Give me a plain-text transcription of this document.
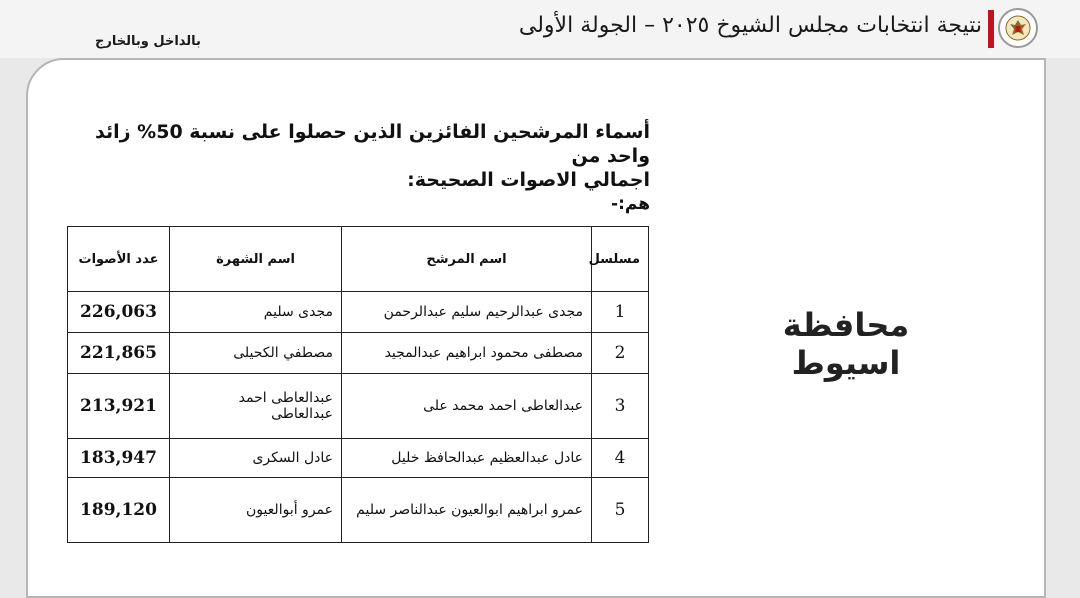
نتيجة انتخابات مجلس الشيوخ ٢٠٢٥ – الجولة الأولى
بالداخل وبالخارج

أسماء المرشحين الفائزين الذين حصلوا على نسبة 50% زائد واحد من

اجمالي الاصوات الصحيحة:

هم:-

محافظة اسيوط
مسلسل	اسم المرشح	اسم الشهرة	عدد الأصوات
1	مجدى عبدالرحيم سليم عبدالرحمن	مجدى سليم	226,063
2	مصطفى محمود ابراهيم عبدالمجيد	مصطفي الكحيلى	221,865
3	عبدالعاطى احمد محمد على	عبدالعاطى احمد عبدالعاطى	213,921
4	عادل عبدالعظيم عبدالحافظ خليل	عادل السكرى	183,947
5	عمرو ابراهيم ابوالعيون عبدالناصر سليم	عمرو أبوالعيون	189,120
